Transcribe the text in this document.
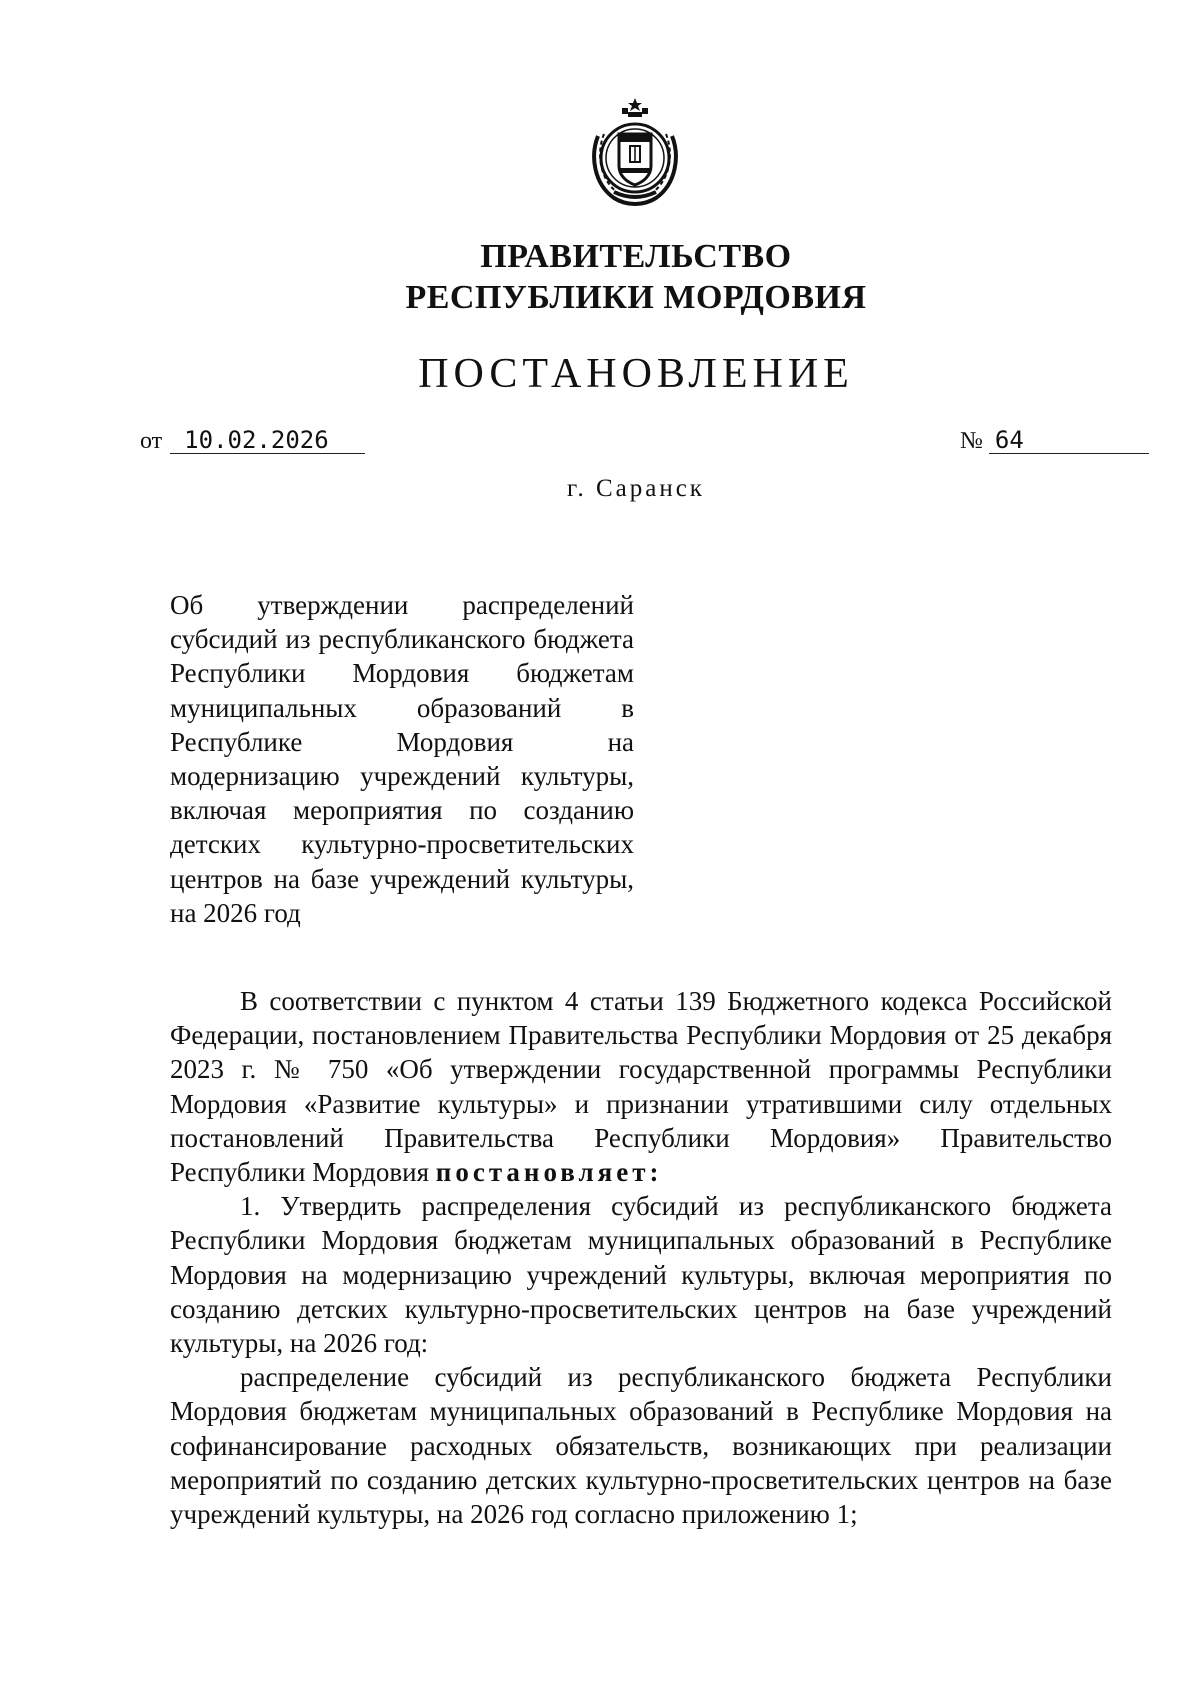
ПРАВИТЕЛЬСТВО
РЕСПУБЛИКИ МОРДОВИЯ
ПОСТАНОВЛЕНИЕ
от 10.02.2026	№ 64
г. Саранск
Об утверждении распределений субсидий из республиканского бюджета Республики Мордовия бюджетам муниципальных образований в Республике Мордовия на модернизацию учреждений культуры, включая мероприятия по созданию детских культурно-просветительских центров на базе учреждений культуры, на 2026 год

В соответствии с пунктом 4 статьи 139 Бюджетного кодекса Российской Федерации, постановлением Правительства Республики Мордовия от 25 декабря 2023 г. № 750 «Об утверждении государственной программы Республики Мордовия «Развитие культуры» и признании утратившими силу отдельных постановлений Правительства Республики Мордовия» Правительство Республики Мордовия постановляет:

1. Утвердить распределения субсидий из республиканского бюджета Республики Мордовия бюджетам муниципальных образований в Республике Мордовия на модернизацию учреждений культуры, включая мероприятия по созданию детских культурно-просветительских центров на базе учреждений культуры, на 2026 год:

распределение субсидий из республиканского бюджета Республики Мордовия бюджетам муниципальных образований в Республике Мордовия на софинансирование расходных обязательств, возникающих при реализации мероприятий по созданию детских культурно-просветительских центров на базе учреждений культуры, на 2026 год согласно приложению 1;
